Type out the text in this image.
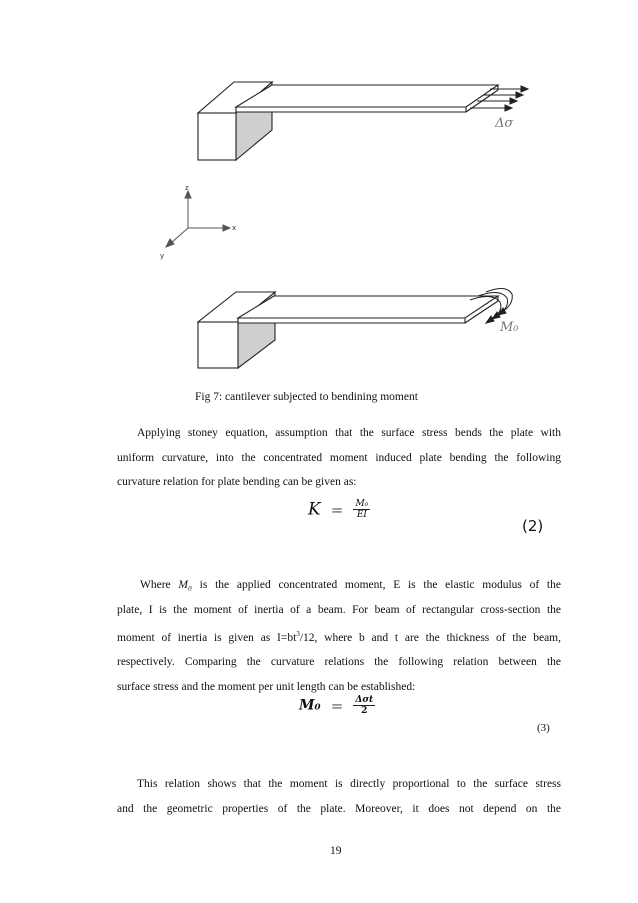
Δσ
z
x
y
M₀
Fig 7: cantilever subjected to bendining moment

Applying stoney equation, assumption that the surface stress bends the plate with
uniform curvature, into the concentrated moment induced plate bending the following
curvature relation for plate bending can be given as:

$K = \frac{\text{M₀}}{EI}$
(2)

Where M₀ is the applied concentrated moment, E is the elastic modulus of the
plate, I is the moment of inertia of a beam. For beam of rectangular cross-section the
moment of inertia is given as $I=bt^3/12$, where b and t are the thickness of the beam,
respectively. Comparing the curvature relations the following relation between the
surface stress and the moment per unit length can be established:

$M_0 = \frac{\text{Δσt}}{2}$
(3)

This relation shows that the moment is directly proportional to the surface stress
and the geometric properties of the plate. Moreover, it does not depend on the

19
